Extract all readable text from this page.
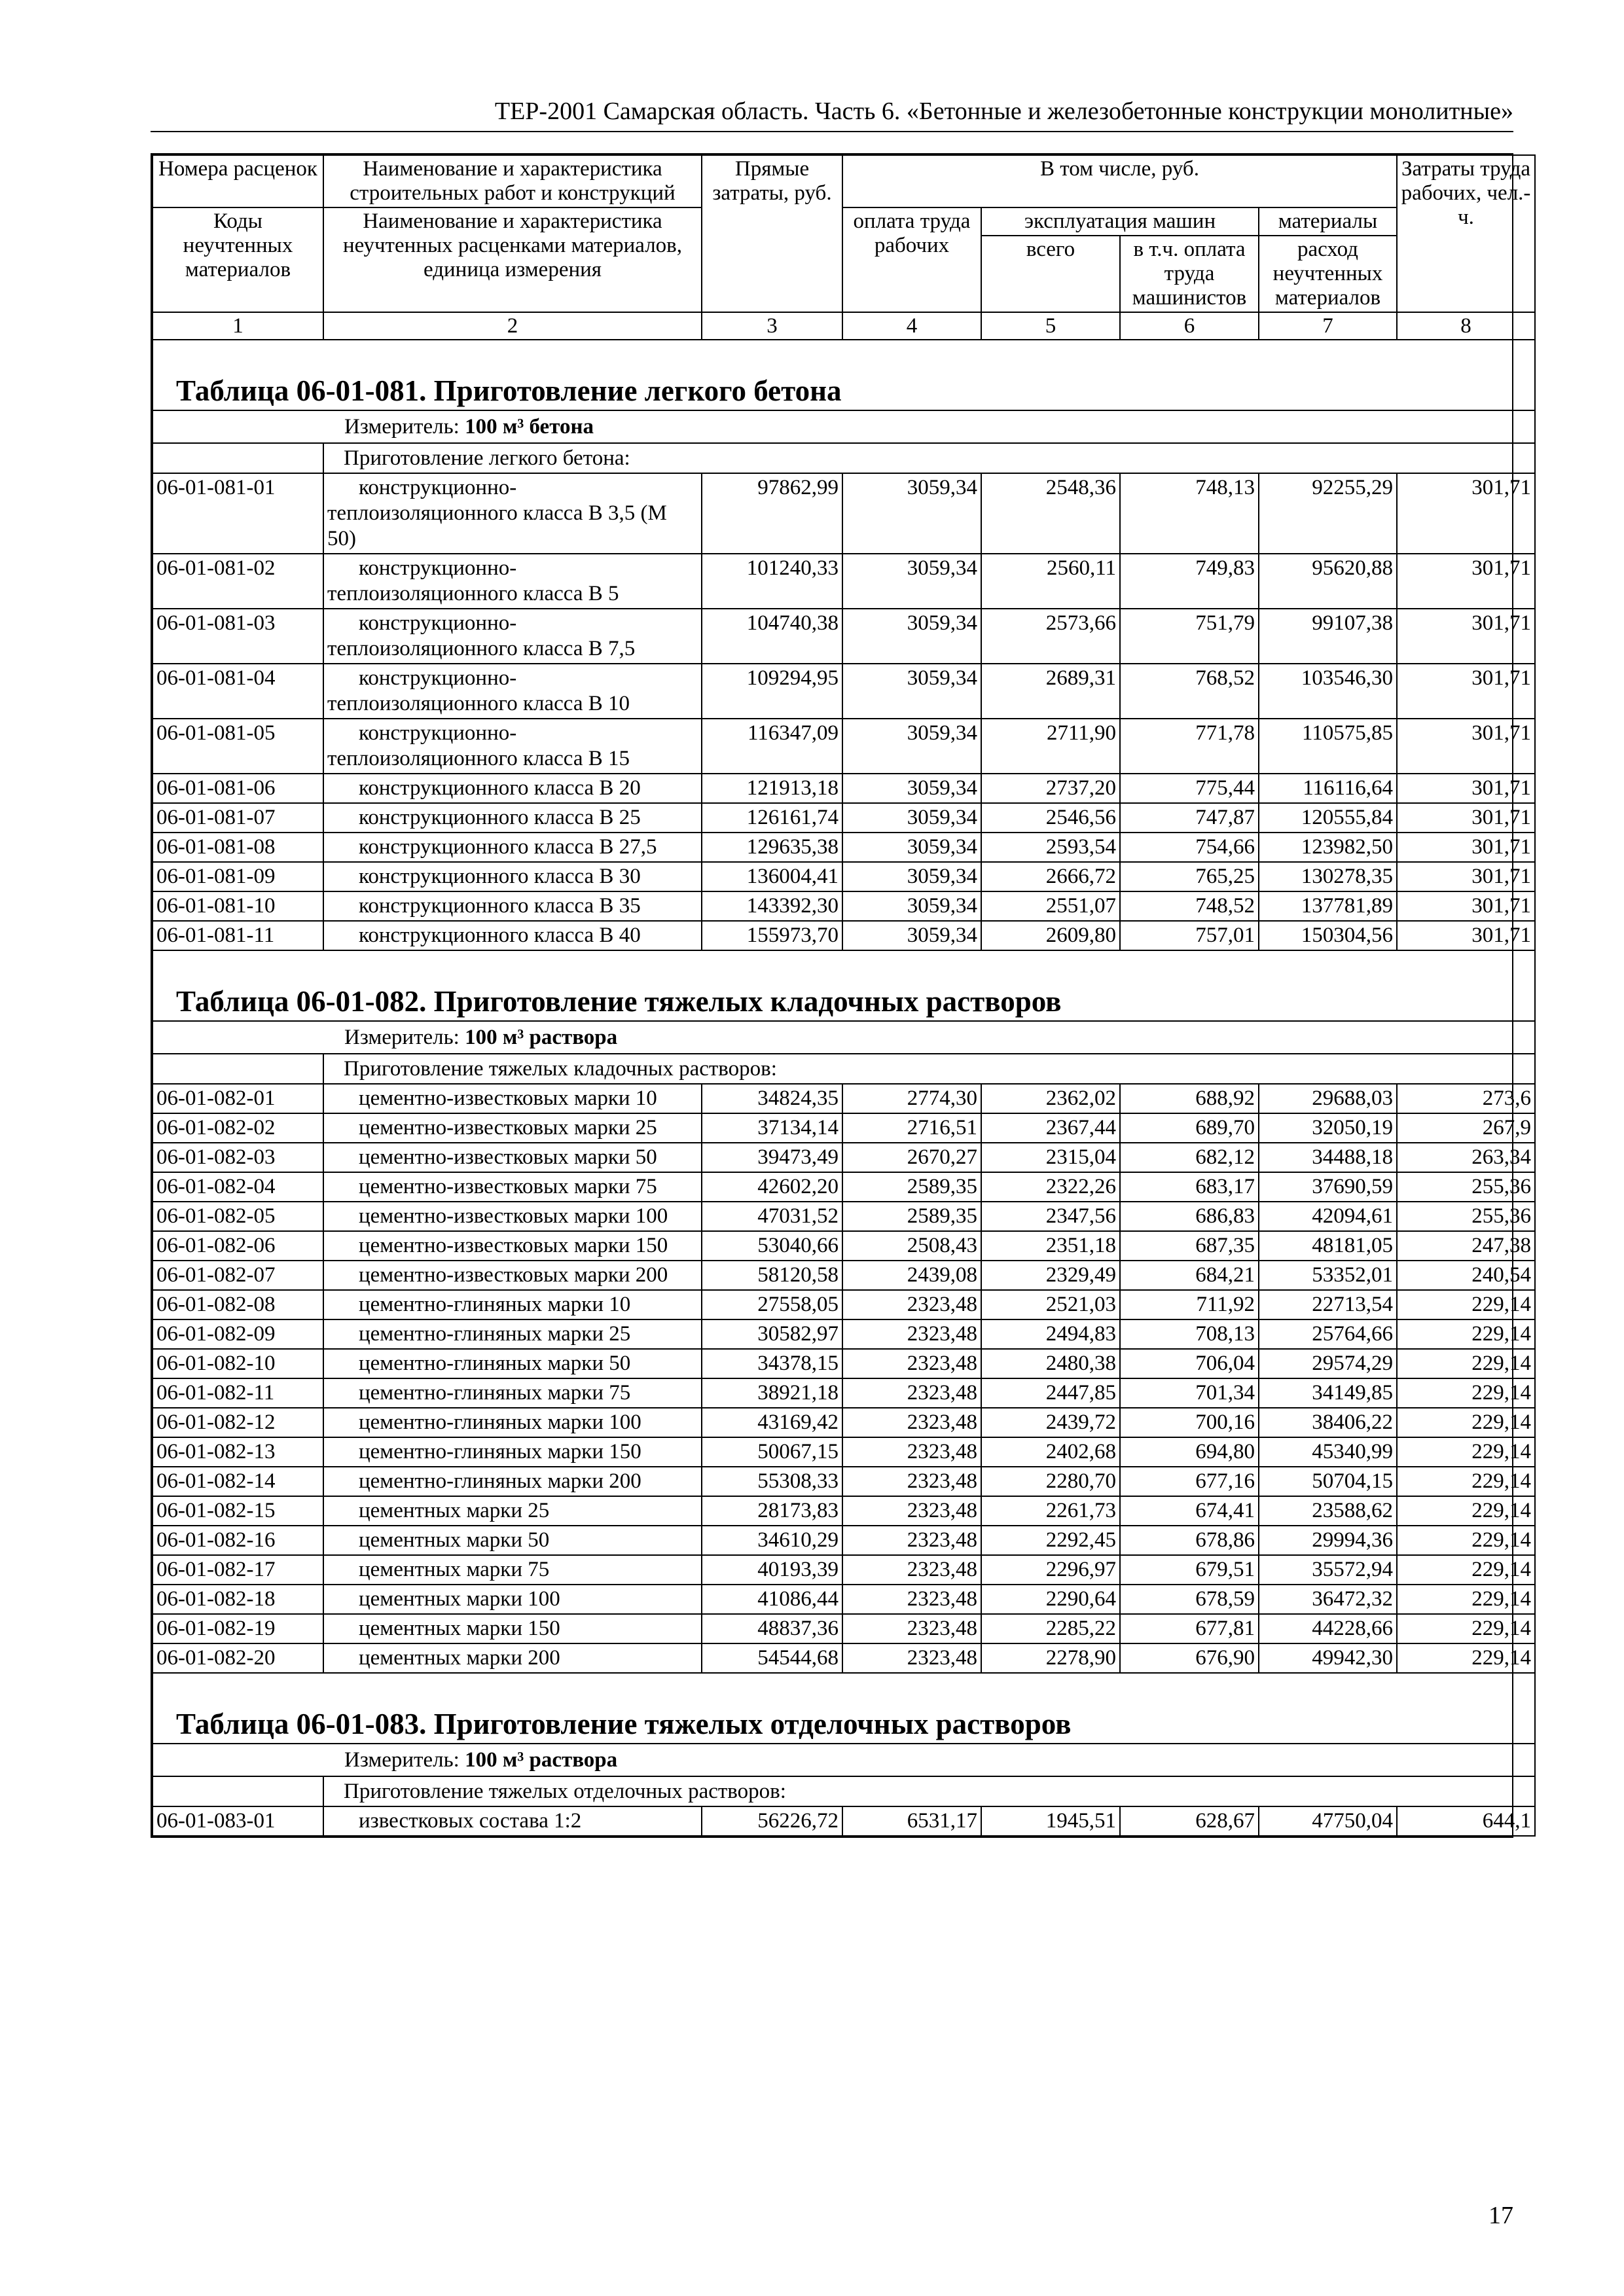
ТЕР-2001 Самарская область. Часть 6. «Бетонные и железобетонные конструкции монолитные»
Номера расценок	Наименование и характеристика строительных работ и конструкций	Прямые затраты, руб.	В том числе, руб.				Затраты труда рабочих, чел.-ч.
Коды неучтенных материалов	Наименование и характеристика неучтенных расценками материалов, единица измерения		оплата труда рабочих	эксплуатация машин		материалы	
				всего	в т.ч. оплата труда машинистов	расход неучтенных материалов	
1	2	3	4	5	6	7	8

Таблица 06-01-081. Приготовление легкого бетона							

Измеритель: 100 м³ бетона							

	Приготовление легкого бетона:						
06-01-081-01	конструкционно-теплоизоляционного класса В 3,5 (М 50)	97862,99	3059,34	2548,36	748,13	92255,29	301,71
06-01-081-02	конструкционно-теплоизоляционного класса В 5	101240,33	3059,34	2560,11	749,83	95620,88	301,71
06-01-081-03	конструкционно-теплоизоляционного класса В 7,5	104740,38	3059,34	2573,66	751,79	99107,38	301,71
06-01-081-04	конструкционно-теплоизоляционного класса В 10	109294,95	3059,34	2689,31	768,52	103546,30	301,71
06-01-081-05	конструкционно-теплоизоляционного класса В 15	116347,09	3059,34	2711,90	771,78	110575,85	301,71
06-01-081-06	конструкционного класса В 20	121913,18	3059,34	2737,20	775,44	116116,64	301,71
06-01-081-07	конструкционного класса В 25	126161,74	3059,34	2546,56	747,87	120555,84	301,71
06-01-081-08	конструкционного класса В 27,5	129635,38	3059,34	2593,54	754,66	123982,50	301,71
06-01-081-09	конструкционного класса В 30	136004,41	3059,34	2666,72	765,25	130278,35	301,71
06-01-081-10	конструкционного класса В 35	143392,30	3059,34	2551,07	748,52	137781,89	301,71
06-01-081-11	конструкционного класса В 40	155973,70	3059,34	2609,80	757,01	150304,56	301,71

Таблица 06-01-082. Приготовление тяжелых кладочных растворов							

Измеритель: 100 м³ раствора							

	Приготовление тяжелых кладочных растворов:						
06-01-082-01	цементно-известковых марки 10	34824,35	2774,30	2362,02	688,92	29688,03	273,6
06-01-082-02	цементно-известковых марки 25	37134,14	2716,51	2367,44	689,70	32050,19	267,9
06-01-082-03	цементно-известковых марки 50	39473,49	2670,27	2315,04	682,12	34488,18	263,34
06-01-082-04	цементно-известковых марки 75	42602,20	2589,35	2322,26	683,17	37690,59	255,36
06-01-082-05	цементно-известковых марки 100	47031,52	2589,35	2347,56	686,83	42094,61	255,36
06-01-082-06	цементно-известковых марки 150	53040,66	2508,43	2351,18	687,35	48181,05	247,38
06-01-082-07	цементно-известковых марки 200	58120,58	2439,08	2329,49	684,21	53352,01	240,54
06-01-082-08	цементно-глиняных марки 10	27558,05	2323,48	2521,03	711,92	22713,54	229,14
06-01-082-09	цементно-глиняных марки 25	30582,97	2323,48	2494,83	708,13	25764,66	229,14
06-01-082-10	цементно-глиняных марки 50	34378,15	2323,48	2480,38	706,04	29574,29	229,14
06-01-082-11	цементно-глиняных марки 75	38921,18	2323,48	2447,85	701,34	34149,85	229,14
06-01-082-12	цементно-глиняных марки 100	43169,42	2323,48	2439,72	700,16	38406,22	229,14
06-01-082-13	цементно-глиняных марки 150	50067,15	2323,48	2402,68	694,80	45340,99	229,14
06-01-082-14	цементно-глиняных марки 200	55308,33	2323,48	2280,70	677,16	50704,15	229,14
06-01-082-15	цементных марки 25	28173,83	2323,48	2261,73	674,41	23588,62	229,14
06-01-082-16	цементных марки 50	34610,29	2323,48	2292,45	678,86	29994,36	229,14
06-01-082-17	цементных марки 75	40193,39	2323,48	2296,97	679,51	35572,94	229,14
06-01-082-18	цементных марки 100	41086,44	2323,48	2290,64	678,59	36472,32	229,14
06-01-082-19	цементных марки 150	48837,36	2323,48	2285,22	677,81	44228,66	229,14
06-01-082-20	цементных марки 200	54544,68	2323,48	2278,90	676,90	49942,30	229,14

Таблица 06-01-083. Приготовление тяжелых отделочных растворов							

Измеритель: 100 м³ раствора							

	Приготовление тяжелых отделочных растворов:						
06-01-083-01	известковых состава 1:2	56226,72	6531,17	1945,51	628,67	47750,04	644,1
17
